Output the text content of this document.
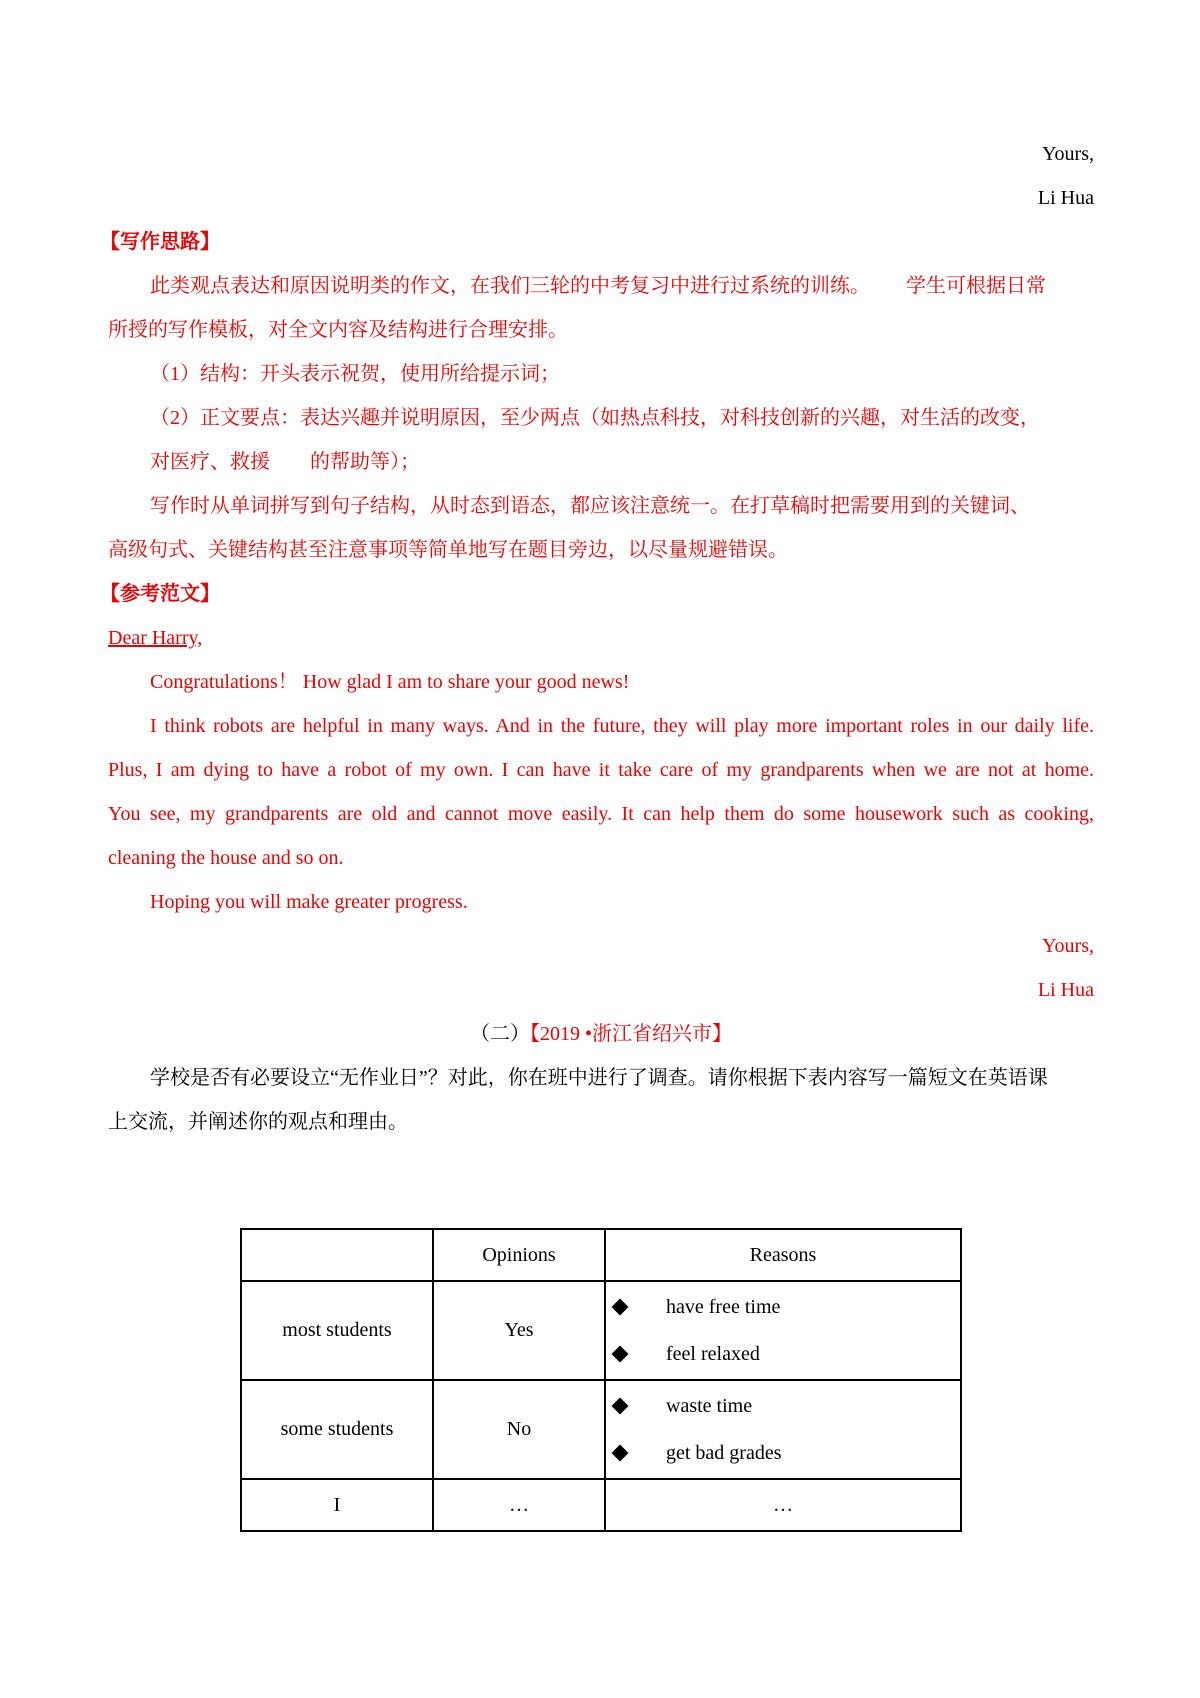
Yours,
Li Hua
【写作思路】
此类观点表达和原因说明类的作文，在我们三轮的中考复习中进行过系统的训练。 学生可根据日常
所授的写作模板，对全文内容及结构进行合理安排。
（1）结构：开头表示祝贺，使用所给提示词；
（2）正文要点：表达兴趣并说明原因，至少两点（如热点科技，对科技创新的兴趣，对生活的改变，
对医疗、救援　　的帮助等）；
写作时从单词拼写到句子结构，从时态到语态，都应该注意统一。在打草稿时把需要用到的关键词、
高级句式、关键结构甚至注意事项等简单地写在题目旁边，以尽量规避错误。
【参考范文】
Dear Harry,
Congratulations！ How glad I am to share your good news!
I think robots are helpful in many ways. And in the future, they will play more important roles in our daily life.
Plus, I am dying to have a robot of my own. I can have it take care of my grandparents when we are not at home.
You see, my grandparents are old and cannot move easily. It can help them do some housework such as cooking,
cleaning the house and so on.
Hoping you will make greater progress.
Yours,
Li Hua
（二）【2019 •浙江省绍兴市】
学校是否有必要设立“无作业日”？对此，你在班中进行了调查。请你根据下表内容写一篇短文在英语课
上交流，并阐述你的观点和理由。
	Opinions	Reasons
most students	Yes	have free time
feel relaxed

some students	No	waste time
get bad grades

I	…	…
